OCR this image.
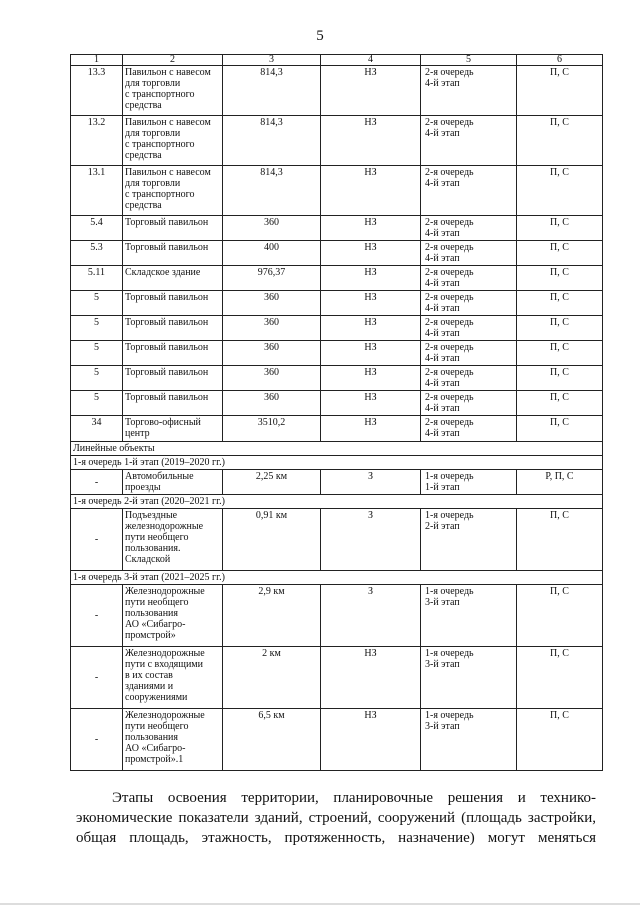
5
1	2	3	4	5	6
13.3	Павильон с навесом
для торговли
с транспортного
средства	814,3	НЗ	2-я очередь
4-й этап	П, С
13.2	Павильон с навесом
для торговли
с транспортного
средства	814,3	НЗ	2-я очередь
4-й этап	П, С
13.1	Павильон с навесом
для торговли
с транспортного
средства	814,3	НЗ	2-я очередь
4-й этап	П, С
5.4	Торговый павильон	360	НЗ	2-я очередь
4-й этап	П, С
5.3	Торговый павильон	400	НЗ	2-я очередь
4-й этап	П, С
5.11	Складское здание	976,37	НЗ	2-я очередь
4-й этап	П, С
5	Торговый павильон	360	НЗ	2-я очередь
4-й этап	П, С
5	Торговый павильон	360	НЗ	2-я очередь
4-й этап	П, С
5	Торговый павильон	360	НЗ	2-я очередь
4-й этап	П, С
5	Торговый павильон	360	НЗ	2-я очередь
4-й этап	П, С
5	Торговый павильон	360	НЗ	2-я очередь
4-й этап	П, С
34	Торгово-офисный
центр	3510,2	НЗ	2-я очередь
4-й этап	П, С
Линейные объекты					
1-я очередь 1-й этап (2019–2020 гг.)					
-	Автомобильные
проезды	2,25 км	З	1-я очередь
1-й этап	Р, П, С
1-я очередь 2-й этап (2020–2021 гг.)					
-	Подъездные
железнодорожные
пути необщего
пользования.
Складской	0,91 км	З	1-я очередь
2-й этап	П, С
1-я очередь 3-й этап (2021–2025 гг.)					
-	Железнодорожные
пути необщего
пользования
АО «Сибагро-
промстрой»	2,9 км	З	1-я очередь
3-й этап	П, С
-	Железнодорожные
пути с входящими
в их состав
зданиями и
сооружениями	2 км	НЗ	1-я очередь
3-й этап	П, С
-	Железнодорожные
пути необщего
пользования
АО «Сибагро-
промстрой».1	6,5 км	НЗ	1-я очередь
3-й этап	П, С
Этапы освоения территории, планировочные решения и технико-
экономические показатели зданий, строений, сооружений (площадь застройки,
общая площадь, этажность, протяженность, назначение) могут меняться
